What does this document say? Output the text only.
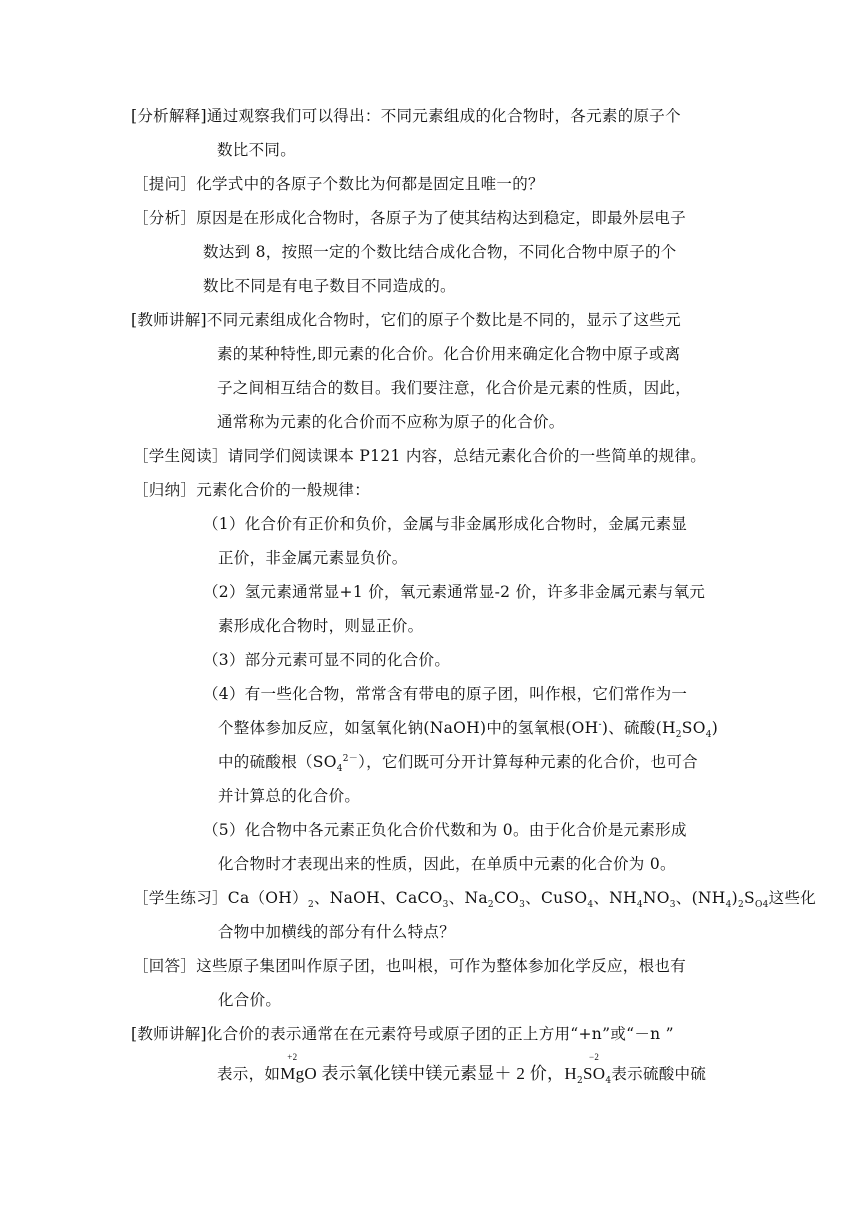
[分析解释]通过观察我们可以得出：不同元素组成的化合物时，各元素的原子个
数比不同。
［提问］化学式中的各原子个数比为何都是固定且唯一的？
［分析］原因是在形成化合物时，各原子为了使其结构达到稳定，即最外层电子
数达到 8，按照一定的个数比结合成化合物，不同化合物中原子的个
数比不同是有电子数目不同造成的。
[教师讲解]不同元素组成化合物时，它们的原子个数比是不同的，显示了这些元
素的某种特性,即元素的化合价。化合价用来确定化合物中原子或离
子之间相互结合的数目。我们要注意，化合价是元素的性质，因此，
通常称为元素的化合价而不应称为原子的化合价。
［学生阅读］请同学们阅读课本 P121 内容，总结元素化合价的一些简单的规律。
［归纳］元素化合价的一般规律：
（1）化合价有正价和负价，金属与非金属形成化合物时，金属元素显
正价，非金属元素显负价。
（2）氢元素通常显+1 价，氧元素通常显-2 价，许多非金属元素与氧元
素形成化合物时，则显正价。
（3）部分元素可显不同的化合价。
（4）有一些化合物，常常含有带电的原子团，叫作根，它们常作为一
个整体参加反应，如氢氧化钠(NaOH)中的氢氧根(OH-)、硫酸$(H_2SO_4)$
中的硫酸根$(SO_4^{2-})$，它们既可分开计算每种元素的化合价，也可合
并计算总的化合价。
（5）化合物中各元素正负化合价代数和为 0。由于化合价是元素形成
化合物时才表现出来的性质，因此，在单质中元素的化合价为 0。
［学生练习$]Ca(OH)_2$、NaOH、CaCO$_3$、$Na_2CO_3$、CuSO$_4$、$NH_4NO_3$、$(NH_4)_2S_{O4}$这些化
合物中加横线的部分有什么特点？
［回答］这些原子集团叫作原子团，也叫根，可作为整体参加化学反应，根也有
化合价。
[教师讲解]化合价的表示通常在在元素符号或原子团的正上方用“+n”或“－n ”
表示，如
+2
MgO 表示氧化镁中镁元素显＋ 2 价，$H_2$
−2
$SO_4$表示硫酸中硫
